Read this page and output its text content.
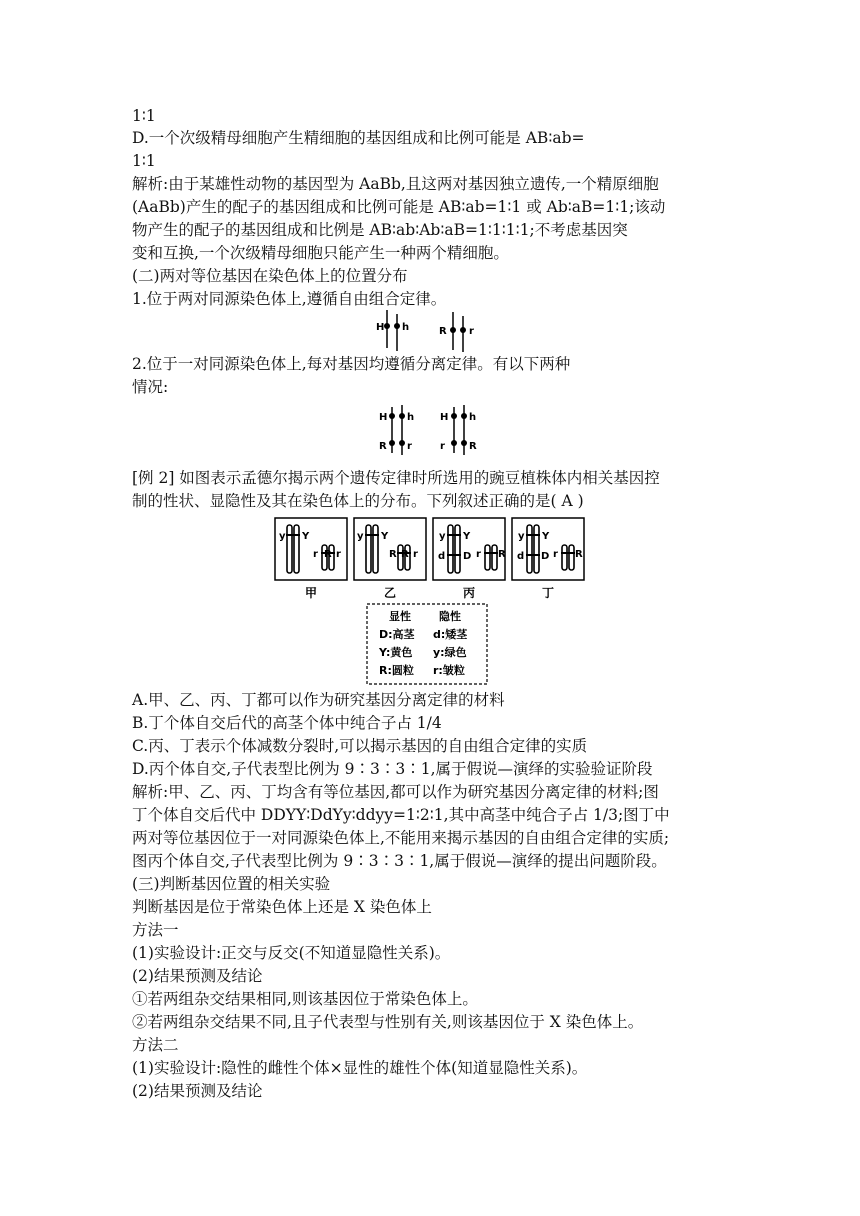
1∶1
D.一个次级精母细胞产生精细胞的基因组成和比例可能是 AB∶ab=
1∶1
解析:由于某雄性动物的基因型为 AaBb,且这两对基因独立遗传,一个精原细胞
(AaBb)产生的配子的基因组成和比例可能是 AB∶ab=1∶1 或 Ab∶aB=1∶1;该动
物产生的配子的基因组成和比例是 AB∶ab∶Ab∶aB=1∶1∶1∶1;不考虑基因突
变和互换,一个次级精母细胞只能产生一种两个精细胞。
(二)两对等位基因在染色体上的位置分布
1.位于两对同源染色体上,遵循自由组合定律。
H h	R r
2.位于一对同源染色体上,每对基因均遵循分离定律。有以下两种
情况:
H h
R r
H h
r R
[例 2] 如图表示孟德尔揭示两个遗传定律时所选用的豌豆植株体内相关基因控
制的性状、显隐性及其在染色体上的分布。下列叙述正确的是( A )
y Y
r R r
甲
y Y
R R r
乙
y Y
d D r R
丙
y Y
d D r R
丁
显性	隐性
D:高茎 d:矮茎
Y:黄色 y:绿色
R:圆粒 r:皱粒
A.甲、乙、丙、丁都可以作为研究基因分离定律的材料
B.丁个体自交后代的高茎个体中纯合子占 1/4
C.丙、丁表示个体减数分裂时,可以揭示基因的自由组合定律的实质
D.丙个体自交,子代表型比例为 9∶3∶3∶1,属于假说—演绎的实验验证阶段
解析:甲、乙、丙、丁均含有等位基因,都可以作为研究基因分离定律的材料;图
丁个体自交后代中 DDYY∶DdYy∶ddyy=1∶2∶1,其中高茎中纯合子占 1/3;图丁中
两对等位基因位于一对同源染色体上,不能用来揭示基因的自由组合定律的实质;
图丙个体自交,子代表型比例为 9∶3∶3∶1,属于假说—演绎的提出问题阶段。
(三)判断基因位置的相关实验
判断基因是位于常染色体上还是 X 染色体上
方法一
(1)实验设计:正交与反交(不知道显隐性关系)。
(2)结果预测及结论
①若两组杂交结果相同,则该基因位于常染色体上。
②若两组杂交结果不同,且子代表型与性别有关,则该基因位于 X 染色体上。
方法二
(1)实验设计:隐性的雌性个体×显性的雄性个体(知道显隐性关系)。
(2)结果预测及结论
